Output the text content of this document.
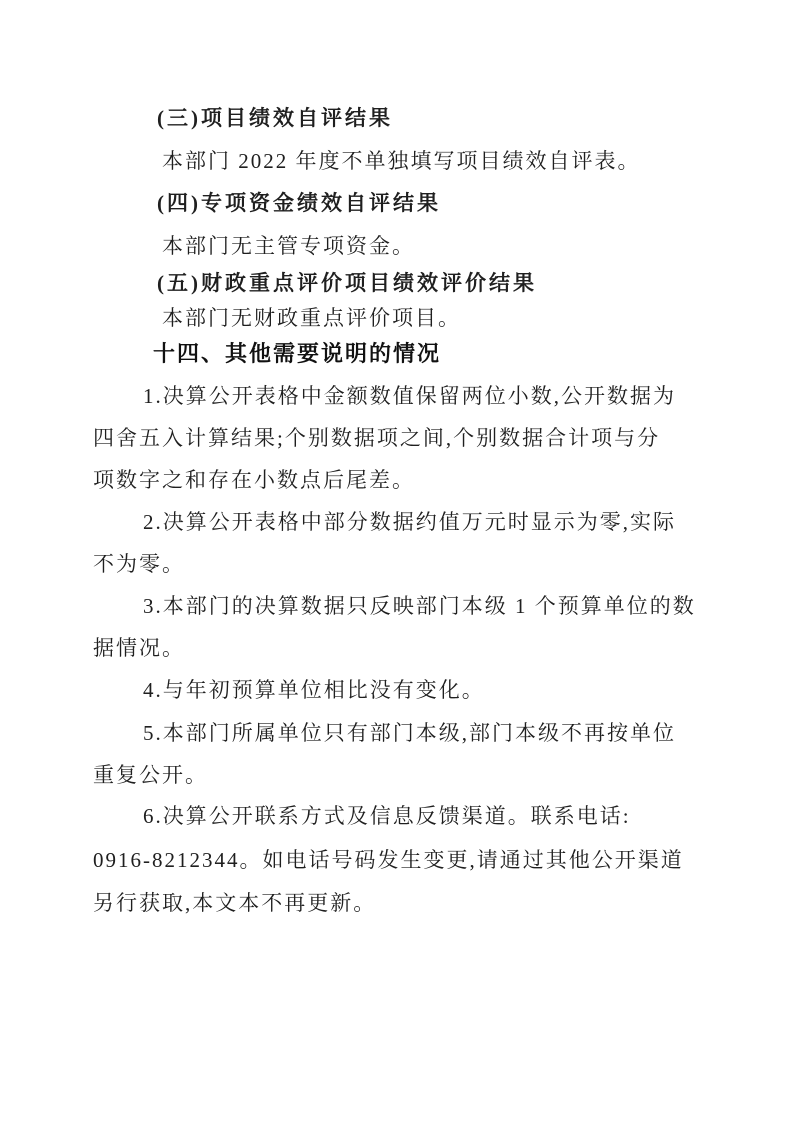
(三)项目绩效自评结果
本部门 2022 年度不单独填写项目绩效自评表。
(四)专项资金绩效自评结果
本部门无主管专项资金。
(五)财政重点评价项目绩效评价结果
本部门无财政重点评价项目。
十四、其他需要说明的情况
1.决算公开表格中金额数值保留两位小数,公开数据为
四舍五入计算结果;个别数据项之间,个别数据合计项与分
项数字之和存在小数点后尾差。
2.决算公开表格中部分数据约值万元时显示为零,实际
不为零。
3.本部门的决算数据只反映部门本级 1 个预算单位的数
据情况。
4.与年初预算单位相比没有变化。
5.本部门所属单位只有部门本级,部门本级不再按单位
重复公开。
6.决算公开联系方式及信息反馈渠道。联系电话:
0916-8212344。如电话号码发生变更,请通过其他公开渠道
另行获取,本文本不再更新。
